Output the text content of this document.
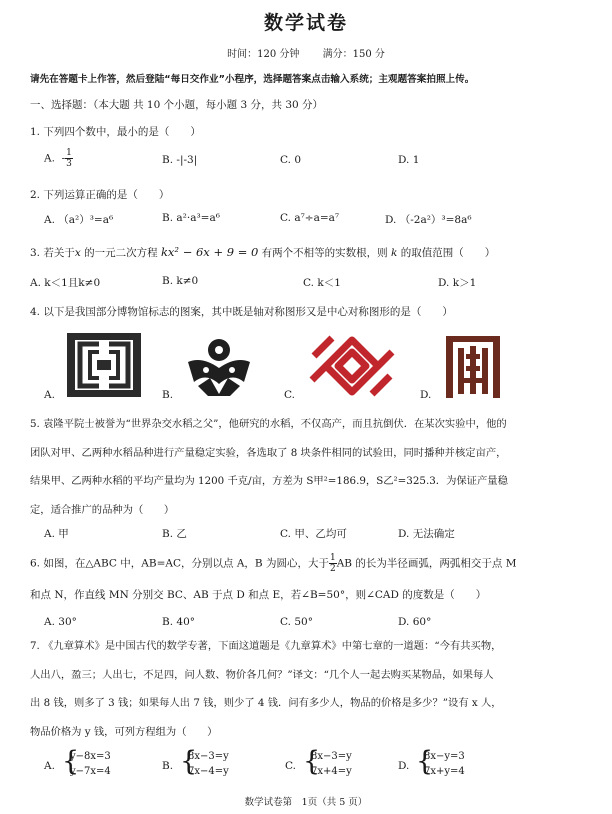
数学试卷
时间：120 分钟 满分：150 分
请先在答题卡上作答，然后登陆“每日交作业”小程序，选择题答案点击输入系统；主观题答案拍照上传。
一、选择题：（本大题 共 10 个小题，每小题 3 分，共 30 分）
1. 下列四个数中，最小的是（　　）
A. - $\frac{1}{3}$	B. -|-3|	C. 0	D. 1
2. 下列运算正确的是（　　）
A. （a²）³=a⁶	B. a²·a³=a⁶	C. a⁷÷a=a⁷	D. （-2a²）³=8a⁶
3. 若关于x 的一元二次方程 kx² − 6x + 9 = 0 有两个不相等的实数根，则 k 的取值范围（　　）
A. k＜1且k≠0	B. k≠0	C. k＜1	D. k＞1
4. 以下是我国部分博物馆标志的图案，其中既是轴对称图形又是中心对称图形的是（　　）
A.	B.	C.	D.
5. 袁隆平院士被誉为“世界杂交水稻之父”，他研究的水稻，不仅高产，而且抗倒伏．在某次实验中，他的
团队对甲、乙两种水稻品种进行产量稳定实验，各选取了 8 块条件相同的试验田，同时播种并核定亩产，
结果甲、乙两种水稻的平均产量均为 1200 千克/亩，方差为 S甲²=186.9，S乙²=325.3．为保证产量稳
定，适合推广的品种为（　　）
A. 甲	B. 乙	C. 甲、乙均可	D. 无法确定
6. 如图，在△ABC 中，AB=AC，分别以点 A，B 为圆心，大于 $\frac{1}{2}$ AB 的长为半径画弧，两弧相交于点 M
和点 N，作直线 MN 分别交 BC、AB 于点 D 和点 E，若∠B=50°，则∠CAD 的度数是（　　）
A. 30°	B. 40°	C. 50°	D. 60°
7. 《九章算术》是中国古代的数学专著，下面这道题是《九章算术》中第七章的一道题：“今有共买物，
人出八，盈三；人出七，不足四，问人数、物价各几何？”译文：“几个人一起去购买某物品，如果每人
出 8 钱，则多了 3 钱；如果每人出 7 钱，则少了 4 钱．问有多少人，物品的价格是多少？”设有 x 人，
物品价格为 y 钱，可列方程组为（　　）
A. {
y−8x=3
y−7x=4	B. {
8x−3=y
7x−4=y	C. {
8x−3=y
7x+4=y	D. {
8x−y=3
7x+y=4
数学试卷第　1页（共 5 页）
